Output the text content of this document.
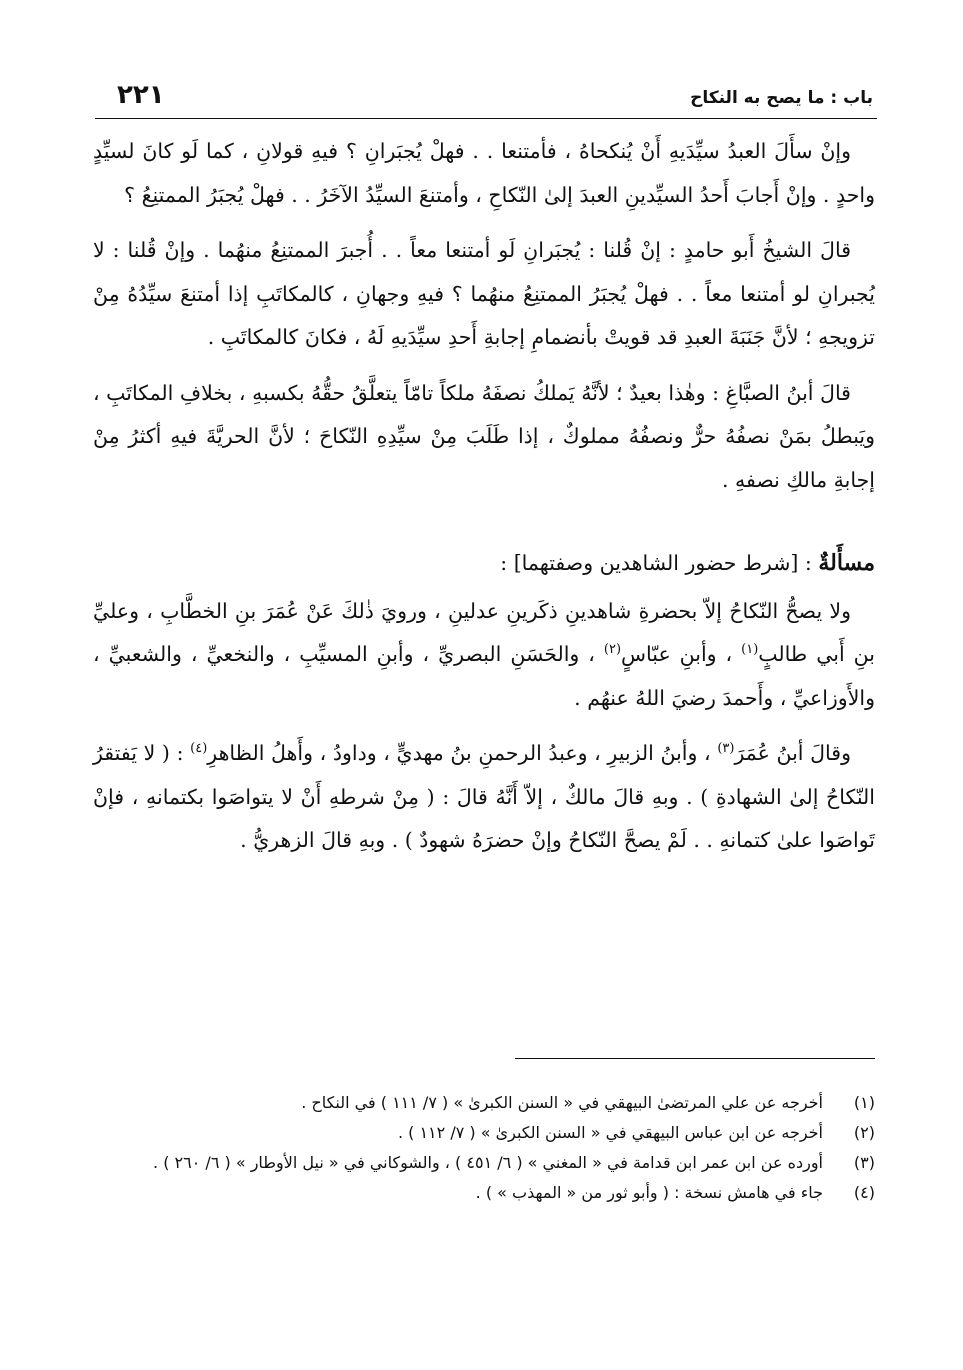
باب : ما يصح به النكاح
٢٢١

وإنْ سأَلَ العبدُ سيِّدَيهِ أَنْ يُنكحاهُ ، فأمتنعا . . فهلْ يُجبَرانِ ؟ فيهِ قولانِ ، كما لَو كانَ لسيِّدٍ واحدٍ . وإنْ أَجابَ أَحدُ السيِّدينِ العبدَ إلىٰ النّكاحِ ، وأمتنعَ السيِّدُ الآخَرُ . . فهلْ يُجبَرُ الممتنِعُ ؟

قالَ الشيخُ أَبو حامدٍ : إنْ قُلنا : يُجبَرانِ لَو أمتنعا معاً . . أُجبرَ الممتنِعُ منهُما . وإنْ قُلنا : لا يُجبرانِ لو أمتنعا معاً . . فهلْ يُجبَرُ الممتنِعُ منهُما ؟ فيهِ وجهانِ ، كالمكاتَبِ إذا أمتنعَ سيِّدُهُ مِنْ تزويجهِ ؛ لأنَّ جَنَبَةَ العبدِ قد قويتْ بأنضمامِ إجابةِ أَحدِ سيِّدَيهِ لَهُ ، فكانَ كالمكاتَبِ .

قالَ أبنُ الصبَّاغِ : وهٰذا بعيدٌ ؛ لأنَّهُ يَملكُ نصفَهُ ملكاً تامّاً يتعلَّقُ حقُّهُ بكسبهِ ، بخلافِ المكاتَبِ ، ويَبطلُ بمَنْ نصفُهُ حرٌّ ونصفُهُ مملوكٌ ، إذا طَلَبَ مِنْ سيِّدِهِ النّكاحَ ؛ لأنَّ الحريَّةَ فيهِ أكثرُ مِنْ إجابةِ مالكِ نصفهِ .

مسأَلةٌ : [شرط حضور الشاهدين وصفتهما] :

ولا يصحُّ النّكاحُ إلاّ بحضرةِ شاهدينِ ذكَرينِ عدلينِ ، ورويَ ذٰلكَ عَنْ عُمَرَ بنِ الخطَّابِ ، وعليِّ بنِ أَبي طالبٍ$^{(١)}$ ، وأبنِ عبّاسٍ$^{(٢)}$ ، والحَسَنِ البصريِّ ، وأبنِ المسيِّبِ ، والنخعيِّ ، والشعبيِّ ، والأَوزاعيِّ ، وأَحمدَ رضيَ اللهُ عنهُم .

وقالَ أبنُ عُمَرَ$^{(٣)}$ ، وأبنُ الزبيرِ ، وعبدُ الرحمنِ بنُ مهديٍّ ، وداودُ ، وأَهلُ الظاهرِ$^{(٤)}$ : ( لا يَفتقرُ النّكاحُ إلىٰ الشهادةِ ) . وبهِ قالَ مالكٌ ، إلاّ أَنَّهُ قالَ : ( مِنْ شرطهِ أَنْ لا يتواصَوا بكتمانهِ ، فإنْ تَواصَوا علىٰ كتمانهِ . . لَمْ يصحَّ النّكاحُ وإنْ حضرَهُ شهودٌ ) . وبهِ قالَ الزهريُّ .

(١)
أخرجه عن علي المرتضىٰ البيهقي في « السنن الكبرىٰ » ( ٧/ ١١١ ) في النكاح .
(٢)
أخرجه عن ابن عباس البيهقي في « السنن الكبرىٰ » ( ٧/ ١١٢ ) .
(٣)
أورده عن ابن عمر ابن قدامة في « المغني » ( ٦/ ٤٥١ ) ، والشوكاني في « نيل الأوطار » ( ٦/ ٢٦٠ ) .
(٤)
جاء في هامش نسخة : ( وأبو ثور من « المهذب » ) .
